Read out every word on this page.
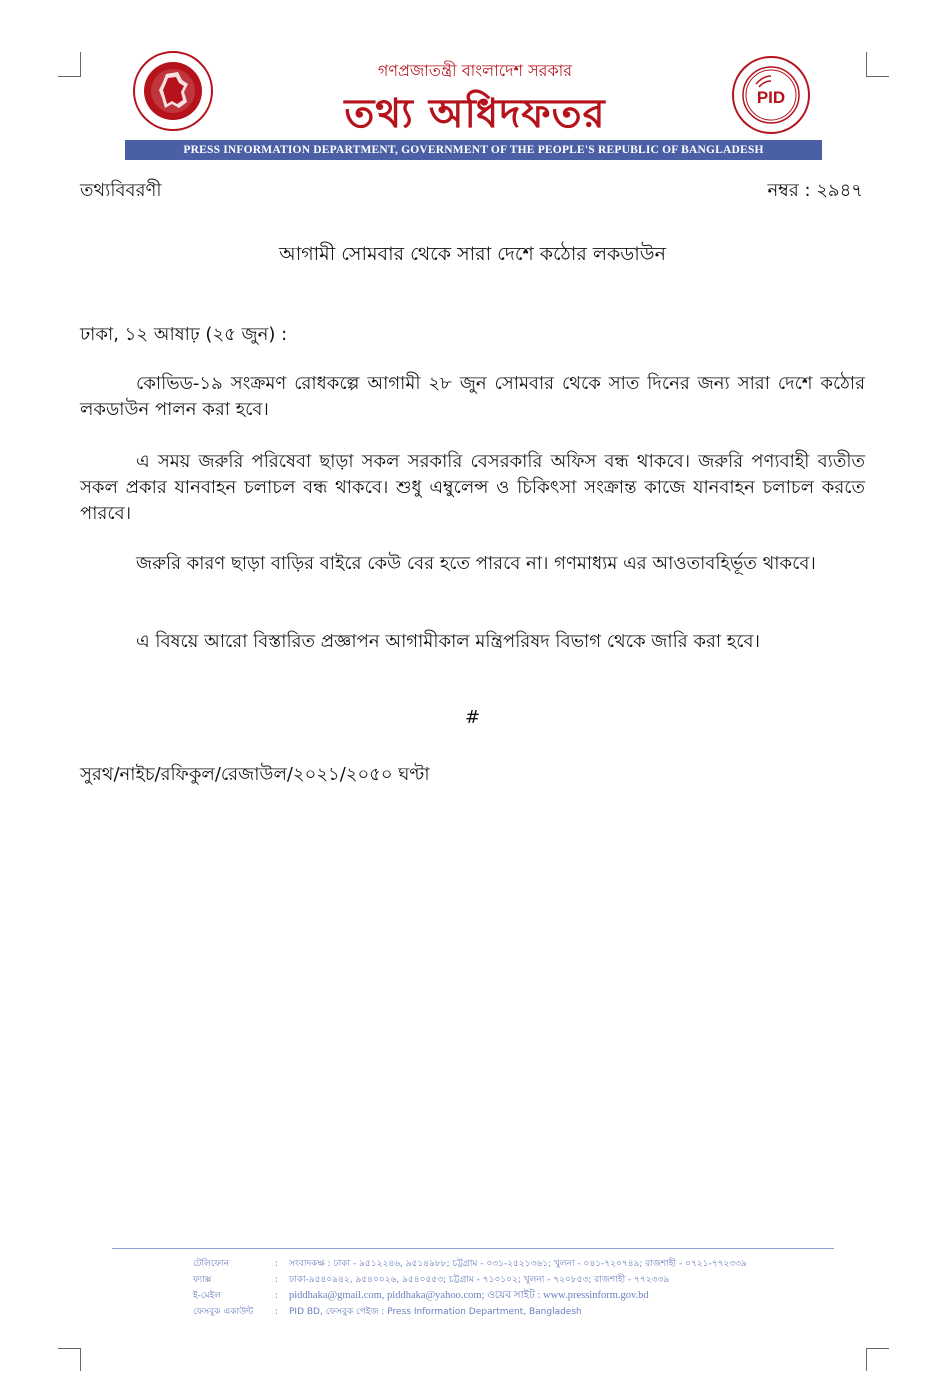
PID
গণপ্রজাতন্ত্রী বাংলাদেশ সরকার
তথ্য অধিদফতর
PRESS INFORMATION DEPARTMENT, GOVERNMENT OF THE PEOPLE'S REPUBLIC OF BANGLADESH
তথ্যবিবরণী	নম্বর : ২৯৪৭
আগামী সোমবার থেকে সারা দেশে কঠোর লকডাউন
ঢাকা, ১২ আষাঢ় (২৫ জুন) :
কোভিড-১৯ সংক্রমণ রোধকল্পে আগামী ২৮ জুন সোমবার থেকে সাত দিনের জন্য সারা দেশে কঠোর লকডাউন পালন করা হবে।
এ সময় জরুরি পরিষেবা ছাড়া সকল সরকারি বেসরকারি অফিস বন্ধ থাকবে। জরুরি পণ্যবাহী ব্যতীত সকল প্রকার যানবাহন চলাচল বন্ধ থাকবে। শুধু এম্বুলেন্স ও চিকিৎসা সংক্রান্ত কাজে যানবাহন চলাচল করতে পারবে।
জরুরি কারণ ছাড়া বাড়ির বাইরে কেউ বের হতে পারবে না। গণমাধ্যম এর আওতাবহির্ভূত থাকবে।
এ বিষয়ে আরো বিস্তারিত প্রজ্ঞাপন আগামীকাল মন্ত্রিপরিষদ বিভাগ থেকে জারি করা হবে।
#
সুরথ/নাইচ/রফিকুল/রেজাউল/২০২১/২০৫০ ঘণ্টা
টেলিফোন	:	সংবাদকক্ষ : ঢাকা - ৯৫১২২৪৬, ৯৫১৪৯৮৮; চট্টগ্রাম - ০৩১-২৫২১৩৬১; খুলনা - ০৪১-৭২০৭৪৯; রাজশাহী - ০৭২১-৭৭২৩৩৯
ফ্যাক্স	:	ঢাকা-৯৫৪০৯৪২, ৯৫৪০০২৬, ৯৫৪০৫৫৩; চট্টগ্রাম - ৭১০১০২; খুলনা - ৭২০৮৫৩; রাজশাহী - ৭৭২৩৩৯
ই-মেইল	:	piddhaka@gmail.com, piddhaka@yahoo.com; ওয়েব সাইট : www.pressinform.gov.bd
ফেসবুক একাউন্ট	:	PID BD, ফেসবুক পেইজ : Press Information Department, Bangladesh
